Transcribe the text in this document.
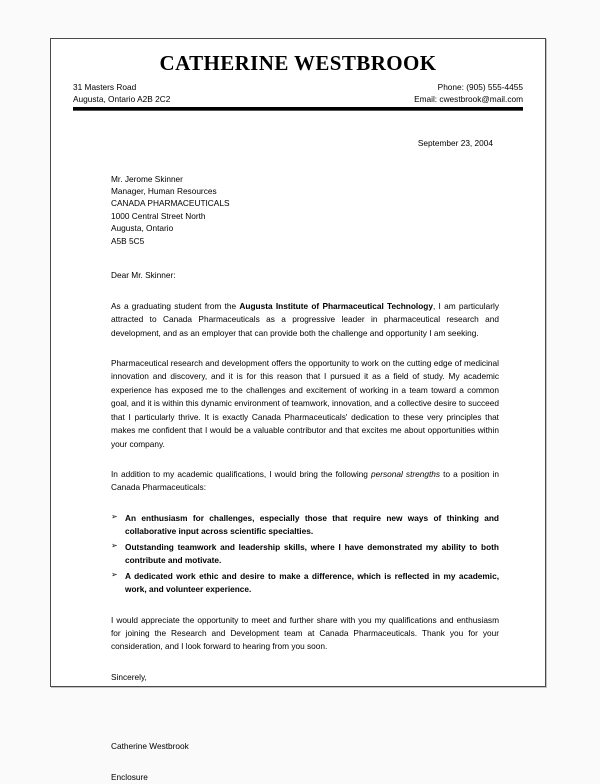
CATHERINE WESTBROOK
31 Masters Road
Augusta, Ontario A2B 2C2
Phone: (905) 555-4455
Email: cwestbrook@mail.com
September 23, 2004
Mr. Jerome Skinner
Manager, Human Resources
CANADA PHARMACEUTICALS
1000 Central Street North
Augusta, Ontario
A5B 5C5
Dear Mr. Skinner:

As a graduating student from the Augusta Institute of Pharmaceutical Technology, I am particularly attracted to Canada Pharmaceuticals as a progressive leader in pharmaceutical research and development, and as an employer that can provide both the challenge and opportunity I am seeking.

Pharmaceutical research and development offers the opportunity to work on the cutting edge of medicinal innovation and discovery, and it is for this reason that I pursued it as a field of study. My academic experience has exposed me to the challenges and excitement of working in a team toward a common goal, and it is within this dynamic environment of teamwork, innovation, and a collective desire to succeed that I particularly thrive. It is exactly Canada Pharmaceuticals' dedication to these very principles that makes me confident that I would be a valuable contributor and that excites me about opportunities within your company.

In addition to my academic qualifications, I would bring the following personal strengths to a position in Canada Pharmaceuticals:

➢ An enthusiasm for challenges, especially those that require new ways of thinking and collaborative input across scientific specialties.
➢ Outstanding teamwork and leadership skills, where I have demonstrated my ability to both contribute and motivate.
➢ A dedicated work ethic and desire to make a difference, which is reflected in my academic, work, and volunteer experience.

I would appreciate the opportunity to meet and further share with you my qualifications and enthusiasm for joining the Research and Development team at Canada Pharmaceuticals. Thank you for your consideration, and I look forward to hearing from you soon.

Sincerely,
Catherine Westbrook
Enclosure
